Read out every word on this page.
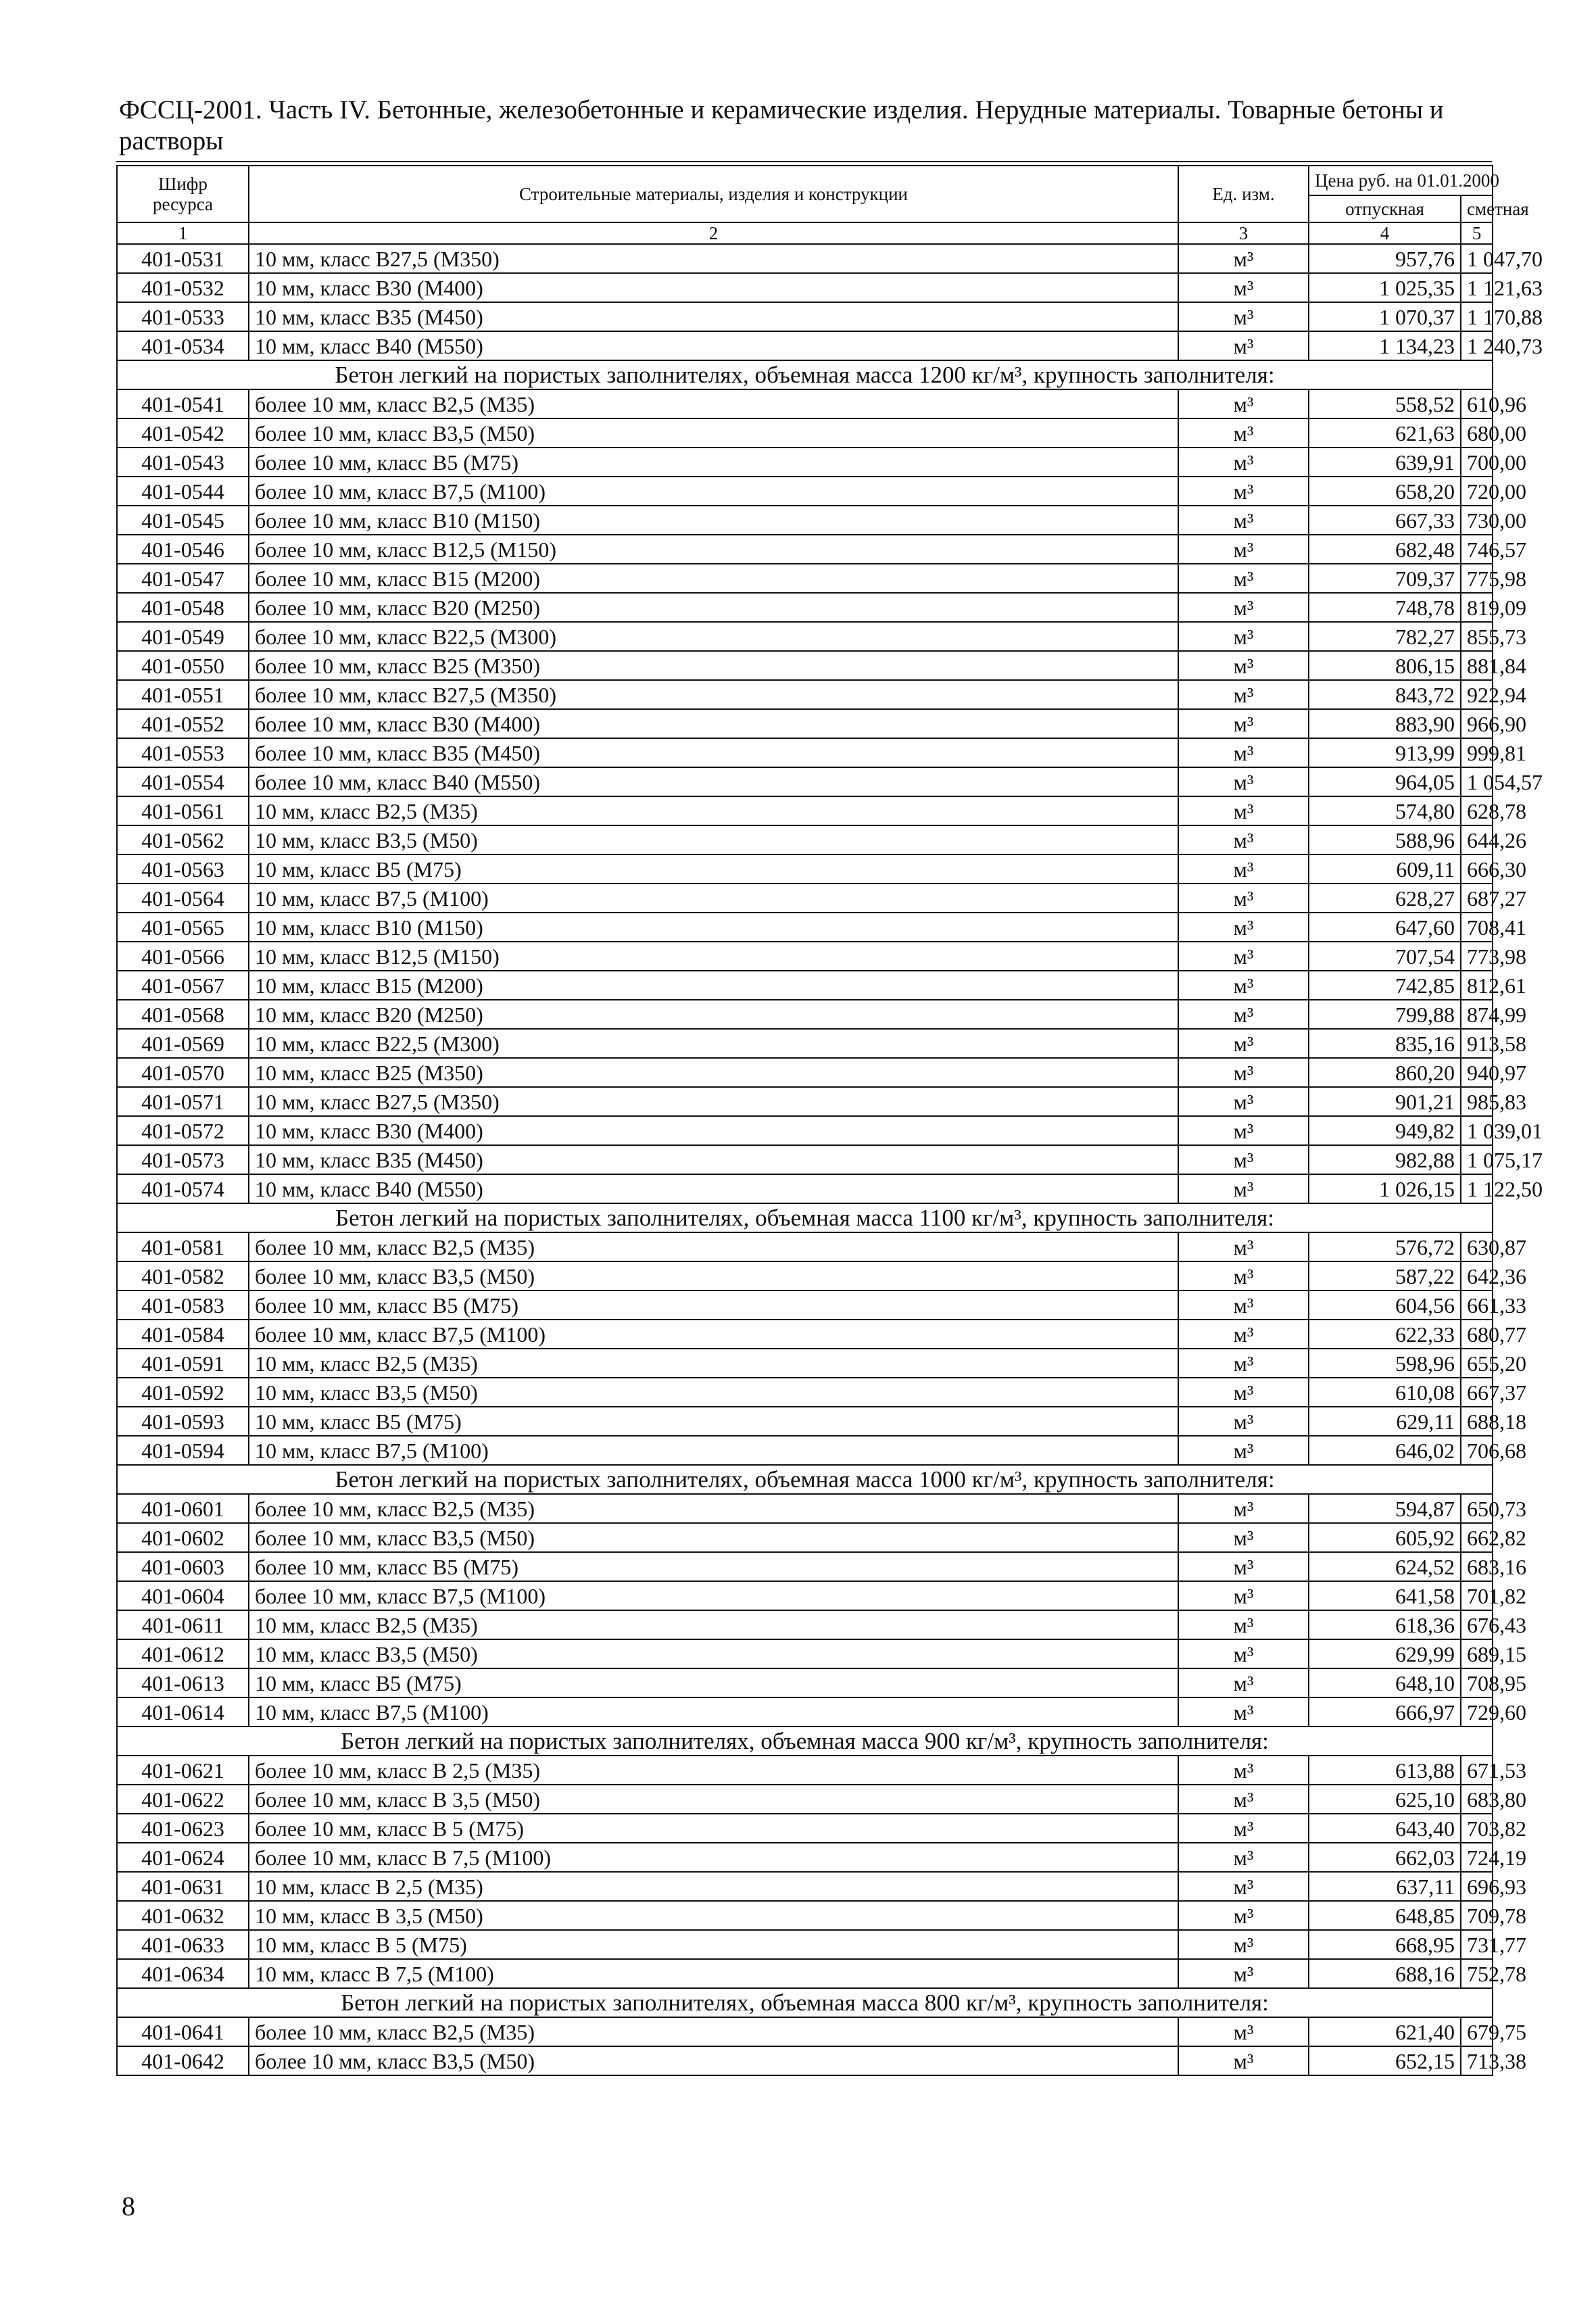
ФССЦ-2001. Часть IV. Бетонные, железобетонные и керамические изделия. Нерудные материалы. Товарные бетоны и растворы
Шифр ресурса	Строительные материалы, изделия и конструкции	Ед. изм.	Цена руб. на 01.01.2000	
			отпускная	сметная
1	2	3	4	5
401-0531	10 мм, класс В27,5 (М350)	м³	957,76	1 047,70
401-0532	10 мм, класс В30 (М400)	м³	1 025,35	1 121,63
401-0533	10 мм, класс В35 (М450)	м³	1 070,37	1 170,88
401-0534	10 мм, класс В40 (М550)	м³	1 134,23	1 240,73
Бетон легкий на пористых заполнителях, объемная масса 1200 кг/м³, крупность заполнителя:				
401-0541	более 10 мм, класс В2,5 (М35)	м³	558,52	610,96
401-0542	более 10 мм, класс В3,5 (М50)	м³	621,63	680,00
401-0543	более 10 мм, класс В5 (М75)	м³	639,91	700,00
401-0544	более 10 мм, класс В7,5 (М100)	м³	658,20	720,00
401-0545	более 10 мм, класс В10 (М150)	м³	667,33	730,00
401-0546	более 10 мм, класс В12,5 (М150)	м³	682,48	746,57
401-0547	более 10 мм, класс В15 (М200)	м³	709,37	775,98
401-0548	более 10 мм, класс В20 (М250)	м³	748,78	819,09
401-0549	более 10 мм, класс В22,5 (М300)	м³	782,27	855,73
401-0550	более 10 мм, класс В25 (М350)	м³	806,15	881,84
401-0551	более 10 мм, класс В27,5 (М350)	м³	843,72	922,94
401-0552	более 10 мм, класс В30 (М400)	м³	883,90	966,90
401-0553	более 10 мм, класс В35 (М450)	м³	913,99	999,81
401-0554	более 10 мм, класс В40 (М550)	м³	964,05	1 054,57
401-0561	10 мм, класс В2,5 (М35)	м³	574,80	628,78
401-0562	10 мм, класс В3,5 (М50)	м³	588,96	644,26
401-0563	10 мм, класс В5 (М75)	м³	609,11	666,30
401-0564	10 мм, класс В7,5 (М100)	м³	628,27	687,27
401-0565	10 мм, класс В10 (М150)	м³	647,60	708,41
401-0566	10 мм, класс В12,5 (М150)	м³	707,54	773,98
401-0567	10 мм, класс В15 (М200)	м³	742,85	812,61
401-0568	10 мм, класс В20 (М250)	м³	799,88	874,99
401-0569	10 мм, класс В22,5 (М300)	м³	835,16	913,58
401-0570	10 мм, класс В25 (М350)	м³	860,20	940,97
401-0571	10 мм, класс В27,5 (М350)	м³	901,21	985,83
401-0572	10 мм, класс В30 (М400)	м³	949,82	1 039,01
401-0573	10 мм, класс В35 (М450)	м³	982,88	1 075,17
401-0574	10 мм, класс В40 (М550)	м³	1 026,15	1 122,50
Бетон легкий на пористых заполнителях, объемная масса 1100 кг/м³, крупность заполнителя:				
401-0581	более 10 мм, класс В2,5 (М35)	м³	576,72	630,87
401-0582	более 10 мм, класс В3,5 (М50)	м³	587,22	642,36
401-0583	более 10 мм, класс В5 (М75)	м³	604,56	661,33
401-0584	более 10 мм, класс В7,5 (М100)	м³	622,33	680,77
401-0591	10 мм, класс В2,5 (М35)	м³	598,96	655,20
401-0592	10 мм, класс В3,5 (М50)	м³	610,08	667,37
401-0593	10 мм, класс В5 (М75)	м³	629,11	688,18
401-0594	10 мм, класс В7,5 (М100)	м³	646,02	706,68
Бетон легкий на пористых заполнителях, объемная масса 1000 кг/м³, крупность заполнителя:				
401-0601	более 10 мм, класс В2,5 (М35)	м³	594,87	650,73
401-0602	более 10 мм, класс В3,5 (М50)	м³	605,92	662,82
401-0603	более 10 мм, класс В5 (М75)	м³	624,52	683,16
401-0604	более 10 мм, класс В7,5 (М100)	м³	641,58	701,82
401-0611	10 мм, класс В2,5 (М35)	м³	618,36	676,43
401-0612	10 мм, класс В3,5 (М50)	м³	629,99	689,15
401-0613	10 мм, класс В5 (М75)	м³	648,10	708,95
401-0614	10 мм, класс В7,5 (М100)	м³	666,97	729,60
Бетон легкий на пористых заполнителях, объемная масса 900 кг/м³, крупность заполнителя:				
401-0621	более 10 мм, класс В 2,5 (М35)	м³	613,88	671,53
401-0622	более 10 мм, класс В 3,5 (М50)	м³	625,10	683,80
401-0623	более 10 мм, класс В 5 (М75)	м³	643,40	703,82
401-0624	более 10 мм, класс В 7,5 (М100)	м³	662,03	724,19
401-0631	10 мм, класс В 2,5 (М35)	м³	637,11	696,93
401-0632	10 мм, класс В 3,5 (М50)	м³	648,85	709,78
401-0633	10 мм, класс В 5 (М75)	м³	668,95	731,77
401-0634	10 мм, класс В 7,5 (М100)	м³	688,16	752,78
Бетон легкий на пористых заполнителях, объемная масса 800 кг/м³, крупность заполнителя:				
401-0641	более 10 мм, класс В2,5 (М35)	м³	621,40	679,75
401-0642	более 10 мм, класс В3,5 (М50)	м³	652,15	713,38
8
